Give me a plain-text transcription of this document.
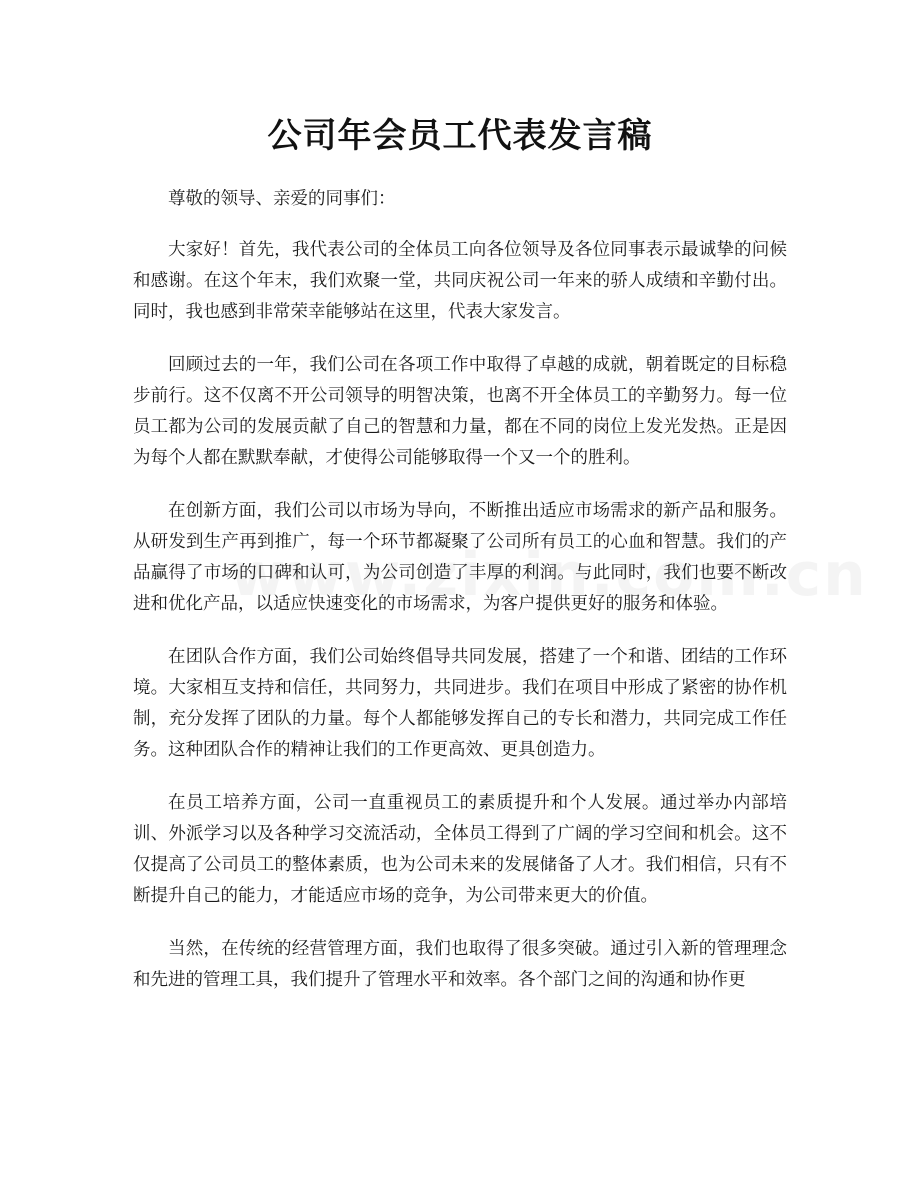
公司年会员工代表发言稿

尊敬的领导、亲爱的同事们：

大家好！首先，我代表公司的全体员工向各位领导及各位同事表示最诚挚的问候和感谢。在这个年末，我们欢聚一堂，共同庆祝公司一年来的骄人成绩和辛勤付出。同时，我也感到非常荣幸能够站在这里，代表大家发言。

回顾过去的一年，我们公司在各项工作中取得了卓越的成就，朝着既定的目标稳步前行。这不仅离不开公司领导的明智决策，也离不开全体员工的辛勤努力。每一位员工都为公司的发展贡献了自己的智慧和力量，都在不同的岗位上发光发热。正是因为每个人都在默默奉献，才使得公司能够取得一个又一个的胜利。

在创新方面，我们公司以市场为导向，不断推出适应市场需求的新产品和服务。从研发到生产再到推广，每一个环节都凝聚了公司所有员工的心血和智慧。我们的产品赢得了市场的口碑和认可，为公司创造了丰厚的利润。与此同时，我们也要不断改进和优化产品，以适应快速变化的市场需求，为客户提供更好的服务和体验。

在团队合作方面，我们公司始终倡导共同发展，搭建了一个和谐、团结的工作环境。大家相互支持和信任，共同努力，共同进步。我们在项目中形成了紧密的协作机制，充分发挥了团队的力量。每个人都能够发挥自己的专长和潜力，共同完成工作任务。这种团队合作的精神让我们的工作更高效、更具创造力。

在员工培养方面，公司一直重视员工的素质提升和个人发展。通过举办内部培训、外派学习以及各种学习交流活动，全体员工得到了广阔的学习空间和机会。这不仅提高了公司员工的整体素质，也为公司未来的发展储备了人才。我们相信，只有不断提升自己的能力，才能适应市场的竞争，为公司带来更大的价值。

当然，在传统的经营管理方面，我们也取得了很多突破。通过引入新的管理理念和先进的管理工具，我们提升了管理水平和效率。各个部门之间的沟通和协作更
